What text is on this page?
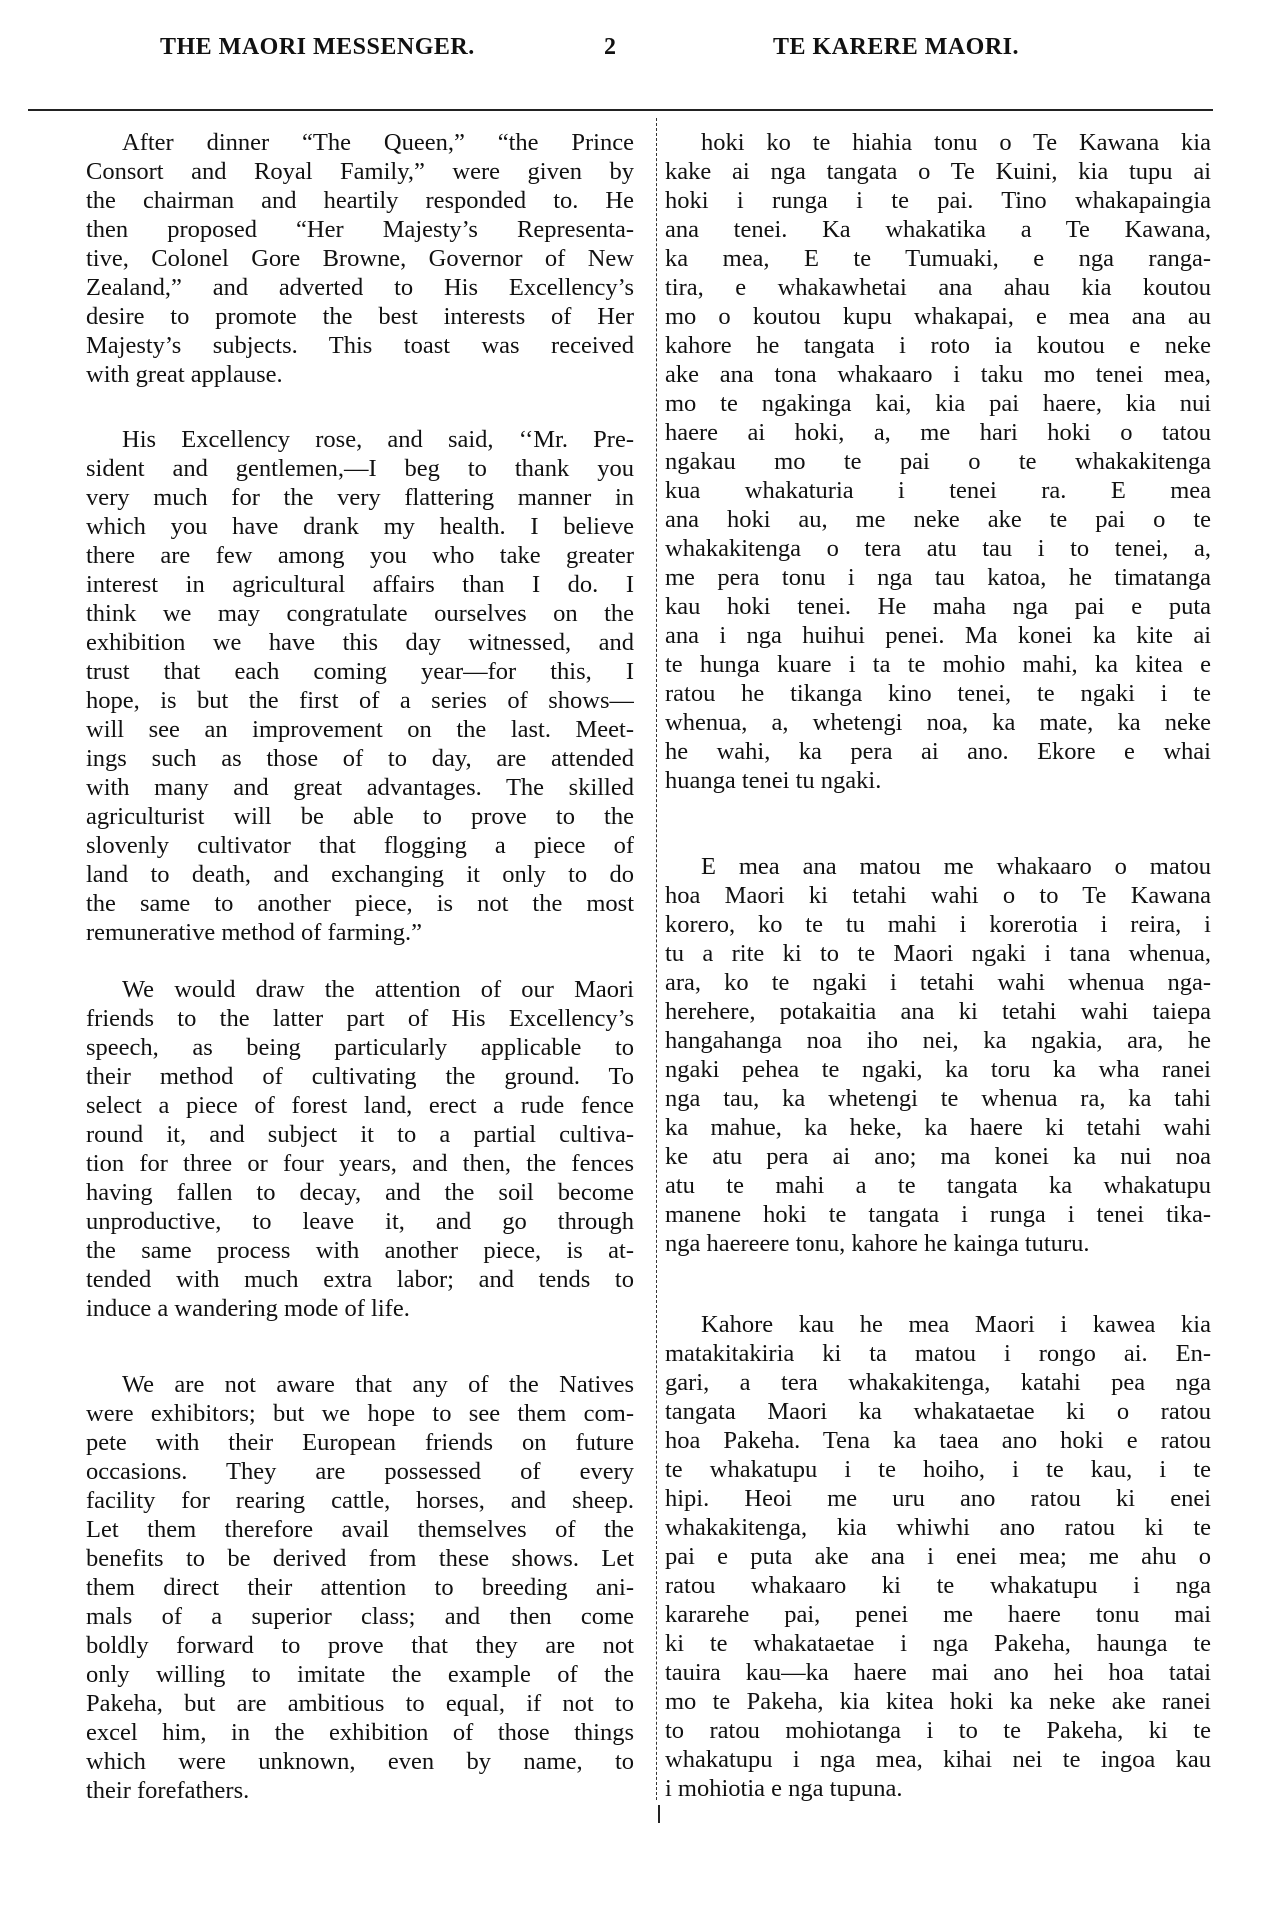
THE MAORI MESSENGER.	2	TE KARERE MAORI.
After dinner “The Queen,” “the Prince
Consort and Royal Family,” were given by
the chairman and heartily responded to. He
then proposed “Her Majesty’s Representa-
tive, Colonel Gore Browne, Governor of New
Zealand,” and adverted to His Excellency’s
desire to promote the best interests of Her
Majesty’s subjects. This toast was received
with great applause.
His Excellency rose, and said, ‘‘Mr. Pre-
sident and gentlemen,—I beg to thank you
very much for the very flattering manner in
which you have drank my health. I believe
there are few among you who take greater
interest in agricultural affairs than I do. I
think we may congratulate ourselves on the
exhibition we have this day witnessed, and
trust that each coming year—for this, I
hope, is but the first of a series of shows—
will see an improvement on the last. Meet-
ings such as those of to day, are attended
with many and great advantages. The skilled
agriculturist will be able to prove to the
slovenly cultivator that flogging a piece of
land to death, and exchanging it only to do
the same to another piece, is not the most
remunerative method of farming.”
We would draw the attention of our Maori
friends to the latter part of His Excellency’s
speech, as being particularly applicable to
their method of cultivating the ground. To
select a piece of forest land, erect a rude fence
round it, and subject it to a partial cultiva-
tion for three or four years, and then, the fences
having fallen to decay, and the soil become
unproductive, to leave it, and go through
the same process with another piece, is at-
tended with much extra labor; and tends to
induce a wandering mode of life.
We are not aware that any of the Natives
were exhibitors; but we hope to see them com-
pete with their European friends on future
occasions. They are possessed of every
facility for rearing cattle, horses, and sheep.
Let them therefore avail themselves of the
benefits to be derived from these shows. Let
them direct their attention to breeding ani-
mals of a superior class; and then come
boldly forward to prove that they are not
only willing to imitate the example of the
Pakeha, but are ambitious to equal, if not to
excel him, in the exhibition of those things
which were unknown, even by name, to
their forefathers.
hoki ko te hiahia tonu o Te Kawana kia
kake ai nga tangata o Te Kuini, kia tupu ai
hoki i runga i te pai. Tino whakapaingia
ana tenei. Ka whakatika a Te Kawana,
ka mea, E te Tumuaki, e nga ranga-
tira, e whakawhetai ana ahau kia koutou
mo o koutou kupu whakapai, e mea ana au
kahore he tangata i roto ia koutou e neke
ake ana tona whakaaro i taku mo tenei mea,
mo te ngakinga kai, kia pai haere, kia nui
haere ai hoki, a, me hari hoki o tatou
ngakau mo te pai o te whakakitenga
kua whakaturia i tenei ra. E mea
ana hoki au, me neke ake te pai o te
whakakitenga o tera atu tau i to tenei, a,
me pera tonu i nga tau katoa, he timatanga
kau hoki tenei. He maha nga pai e puta
ana i nga huihui penei. Ma konei ka kite ai
te hunga kuare i ta te mohio mahi, ka kitea e
ratou he tikanga kino tenei, te ngaki i te
whenua, a, whetengi noa, ka mate, ka neke
he wahi, ka pera ai ano. Ekore e whai
huanga tenei tu ngaki.
E mea ana matou me whakaaro o matou
hoa Maori ki tetahi wahi o to Te Kawana
korero, ko te tu mahi i korerotia i reira, i
tu a rite ki to te Maori ngaki i tana whenua,
ara, ko te ngaki i tetahi wahi whenua nga-
herehere, potakaitia ana ki tetahi wahi taiepa
hangahanga noa iho nei, ka ngakia, ara, he
ngaki pehea te ngaki, ka toru ka wha ranei
nga tau, ka whetengi te whenua ra, ka tahi
ka mahue, ka heke, ka haere ki tetahi wahi
ke atu pera ai ano; ma konei ka nui noa
atu te mahi a te tangata ka whakatupu
manene hoki te tangata i runga i tenei tika-
nga haereere tonu, kahore he kainga tuturu.
Kahore kau he mea Maori i kawea kia
matakitakiria ki ta matou i rongo ai. En-
gari, a tera whakakitenga, katahi pea nga
tangata Maori ka whakataetae ki o ratou
hoa Pakeha. Tena ka taea ano hoki e ratou
te whakatupu i te hoiho, i te kau, i te
hipi. Heoi me uru ano ratou ki enei
whakakitenga, kia whiwhi ano ratou ki te
pai e puta ake ana i enei mea; me ahu o
ratou whakaaro ki te whakatupu i nga
kararehe pai, penei me haere tonu mai
ki te whakataetae i nga Pakeha, haunga te
tauira kau—ka haere mai ano hei hoa tatai
mo te Pakeha, kia kitea hoki ka neke ake ranei
to ratou mohiotanga i to te Pakeha, ki te
whakatupu i nga mea, kihai nei te ingoa kau
i mohiotia e nga tupuna.
